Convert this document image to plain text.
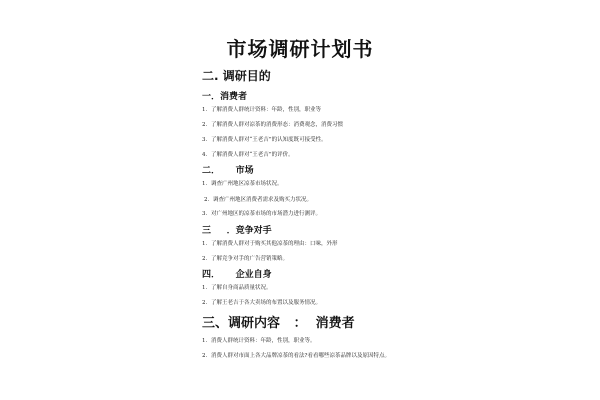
市场调研计划书
二. 调研目的
一．消费者
1．了解消费人群统计资料：年龄，性别，职业等
2．了解消费人群对凉茶的消费形态：消费观念，消费习惯
3．了解消费人群对“王老吉”的认知度既可接受性。
4．了解消费人群对“王老吉”的评价。
二．     市场
1．调查广州地区凉茶市场状况。
2．调查广州地区消费者需求及购买力状况。
3．对广州地区的凉茶市场的市场潜力进行测评。
三     ．竞争对手
1．了解消费人群对于购买其他凉茶的理由：口味，外形
2．了解竞争对手的广告营销策略。
四．     企业自身
1．了解自身商品质量状况。
2．了解王老吉于各大卖场的布置以及服务情况。
三、调研内容   ：  消费者
1．消费人群统计资料：年龄，性别，职业等。
2．消费人群对市面上各大品牌凉茶的看法?看看哪些凉茶品牌以及原因特点。
